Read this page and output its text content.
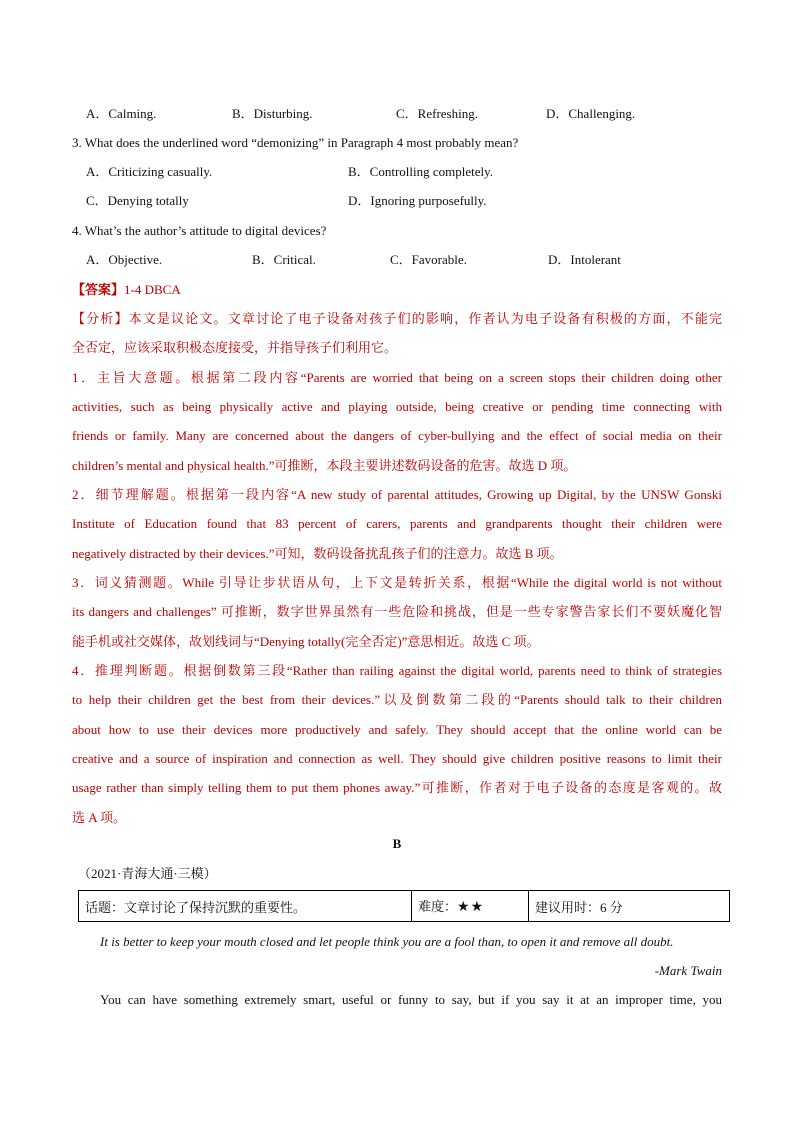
A．Calming.	B．Disturbing.	C．Refreshing.	D．Challenging.
3. What does the underlined word “demonizing” in Paragraph 4 most probably mean?
A．Criticizing casually.	B．Controlling completely.
C．Denying totally	D．Ignoring purposefully.
4. What’s the author’s attitude to digital devices?
A．Objective.	B．Critical.	C．Favorable.	D．Intolerant
【答案】1-4 DBCA
【分析】本文是议论文。文章讨论了电子设备对孩子们的影响，作者认为电子设备有积极的方面，不能完
全否定，应该采取积极态度接受，并指导孩子们利用它。
1．主旨大意题。根据第二段内容“Parents are worried that being on a screen stops their children doing other
activities, such as being physically active and playing outside, being creative or pending time connecting with
friends or family. Many are concerned about the dangers of cyber-bullying and the effect of social media on their
children’s mental and physical health.”可推断，本段主要讲述数码设备的危害。故选 D 项。
2．细节理解题。根据第一段内容“A new study of parental attitudes, Growing up Digital, by the UNSW Gonski
Institute of Education found that 83 percent of carers, parents and grandparents thought their children were
negatively distracted by their devices.”可知，数码设备扰乱孩子们的注意力。故选 B 项。
3．词义猜测题。While 引导让步状语从句，上下文是转折关系，根据“While the digital world is not without
its dangers and challenges” 可推断，数字世界虽然有一些危险和挑战，但是一些专家警告家长们不要妖魔化智
能手机或社交媒体，故划线词与“Denying totally(完全否定)”意思相近。故选 C 项。
4．推理判断题。根据倒数第三段“Rather than railing against the digital world, parents need to think of strategies
to help their children get the best from their devices.”以及倒数第二段的“Parents should talk to their children
about how to use their devices more productively and safely. They should accept that the online world can be
creative and a source of inspiration and connection as well. They should give children positive reasons to limit their
usage rather than simply telling them to put them phones away.”可推断，作者对于电子设备的态度是客观的。故
选 A 项。
B
（2021·青海大通·三模）
话题：文章讨论了保持沉默的重要性。	难度：★★	建议用时：6 分
It is better to keep your mouth closed and let people think you are a fool than, to open it and remove all doubt.
-Mark Twain
You can have something extremely smart, useful or funny to say, but if you say it at an improper time, you
